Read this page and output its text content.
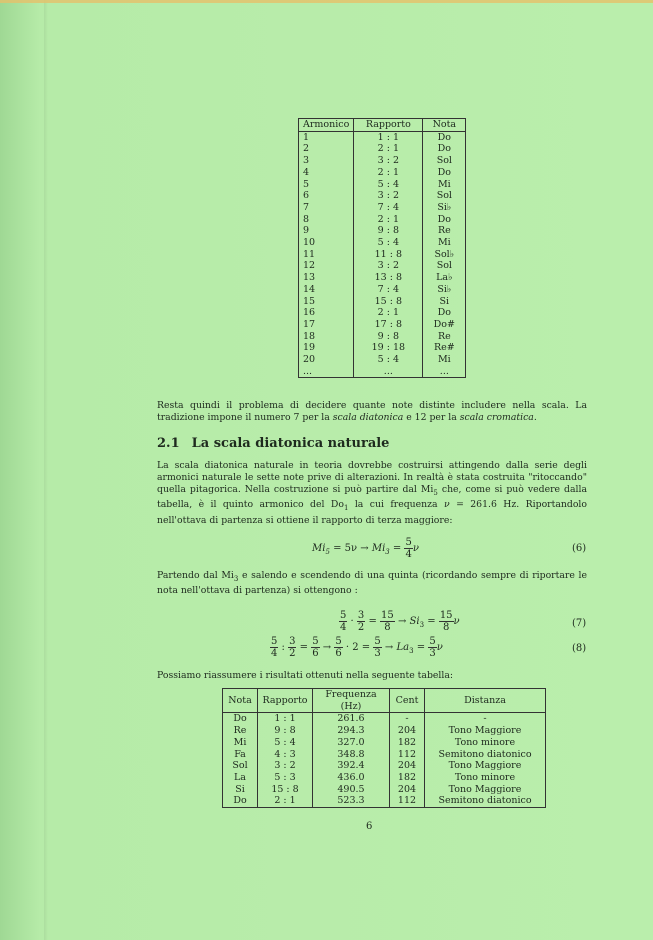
Armonico	Rapporto	Nota
1	1 : 1	Do
2	2 : 1	Do
3	3 : 2	Sol
4	2 : 1	Do
5	5 : 4	Mi
6	3 : 2	Sol
7	7 : 4	Si♭
8	2 : 1	Do
9	9 : 8	Re
10	5 : 4	Mi
11	11 : 8	Sol♭
12	3 : 2	Sol
13	13 : 8	La♭
14	7 : 4	Si♭
15	15 : 8	Si
16	2 : 1	Do
17	17 : 8	Do#
18	9 : 8	Re
19	19 : 18	Re#
20	5 : 4	Mi
...	...	...
Resta quindi il problema di decidere quante note distinte includere nella scala. La tradizione impone il numero 7 per la scala diatonica e 12 per la scala cromatica.
2.1 La scala diatonica naturale
La scala diatonica naturale in teoria dovrebbe costruirsi attingendo dalla serie degli armonici naturale le sette note prive di alterazioni. In realtà è stata costruita "ritoccando" quella pitagorica. Nella costruzione si può partire dal $Mi_5$ che, come si può vedere dalla tabella, è il quinto armonico del $Do_1$ la cui frequenza ν = 261.6 Hz. Riportandolo nell'ottava di partenza si ottiene il rapporto di terza maggiore:
$Mi_5 = 5\nu \to Mi_3 = \frac{5}{4}$ ν	(6)
Partendo dal $Mi_3$ e salendo e scendendo di una quinta (ricordando sempre di riportare le nota nell'ottava di partenza) si ottengono :
$\frac{5}{4} \cdot \frac{3}{2} = \frac{15}{8} \to Si_3 = \frac{15}{8}$ ν	(7)
$\frac{5}{4}$ : $\frac{3}{2} = \frac{5}{6} \to \frac{5}{6} \cdot 2 = \frac{5}{3} \to La_3 = \frac{5}{3}$ ν	(8)
Possiamo riassumere i risultati ottenuti nella seguente tabella:
Nota	Rapporto	Frequenza (Hz)	Cent	Distanza
Do	1 : 1	261.6	-	-
Re	9 : 8	294.3	204	Tono Maggiore
Mi	5 : 4	327.0	182	Tono minore
Fa	4 : 3	348.8	112	Semitono diatonico
Sol	3 : 2	392.4	204	Tono Maggiore
La	5 : 3	436.0	182	Tono minore
Si	15 : 8	490.5	204	Tono Maggiore
Do	2 : 1	523.3	112	Semitono diatonico
6
